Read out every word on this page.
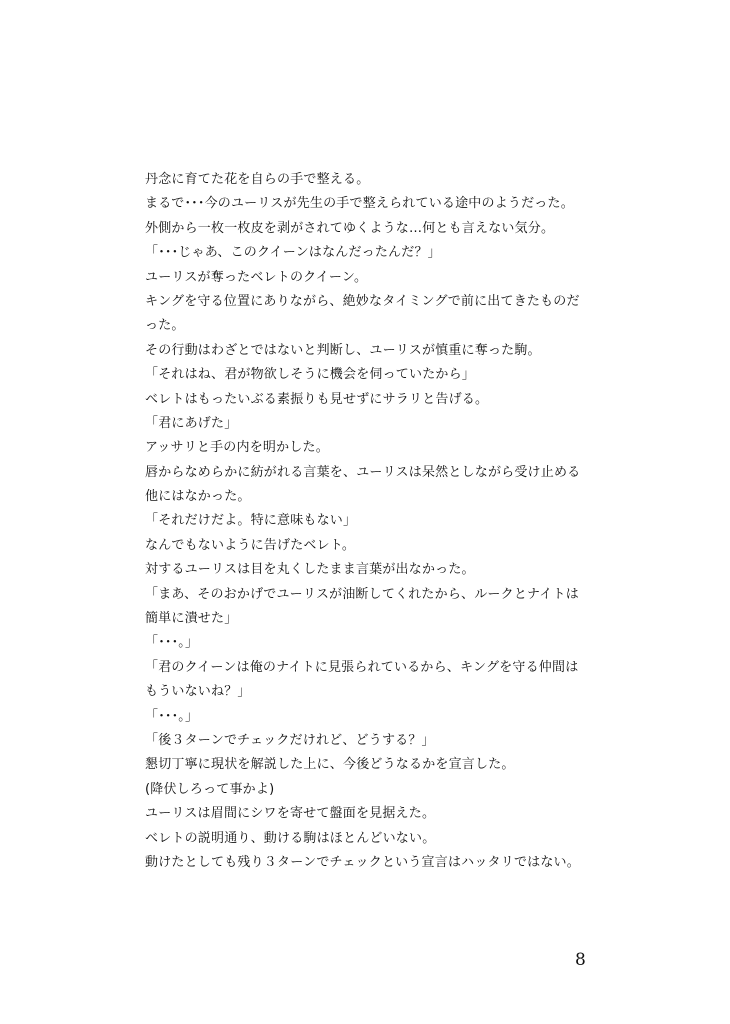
丹念に育てた花を自らの手で整える。
まるで･･･今のユーリスが先生の手で整えられている途中のようだった。
外側から一枚一枚皮を剥がされてゆくような…何とも言えない気分。
「･･･じゃあ、このクイーンはなんだったんだ？」
ユーリスが奪ったベレトのクイーン。
キングを守る位置にありながら、絶妙なタイミングで前に出てきたものだ
った。
その行動はわざとではないと判断し、ユーリスが慎重に奪った駒。
「それはね、君が物欲しそうに機会を伺っていたから」
ベレトはもったいぶる素振りも見せずにサラリと告げる。
「君にあげた」
アッサリと手の内を明かした。
唇からなめらかに紡がれる言葉を、ユーリスは呆然としながら受け止める
他にはなかった。
「それだけだよ。特に意味もない」
なんでもないように告げたベレト。
対するユーリスは目を丸くしたまま言葉が出なかった。
「まあ、そのおかげでユーリスが油断してくれたから、ルークとナイトは
簡単に潰せた」
「･･･。」
「君のクイーンは俺のナイトに見張られているから、キングを守る仲間は
もういないね？」
「･･･。」
「後３ターンでチェックだけれど、どうする？」
懇切丁寧に現状を解説した上に、今後どうなるかを宣言した。
(降伏しろって事かよ)
ユーリスは眉間にシワを寄せて盤面を見据えた。
ベレトの説明通り、動ける駒はほとんどいない。
動けたとしても残り３ターンでチェックという宣言はハッタリではない。
8
